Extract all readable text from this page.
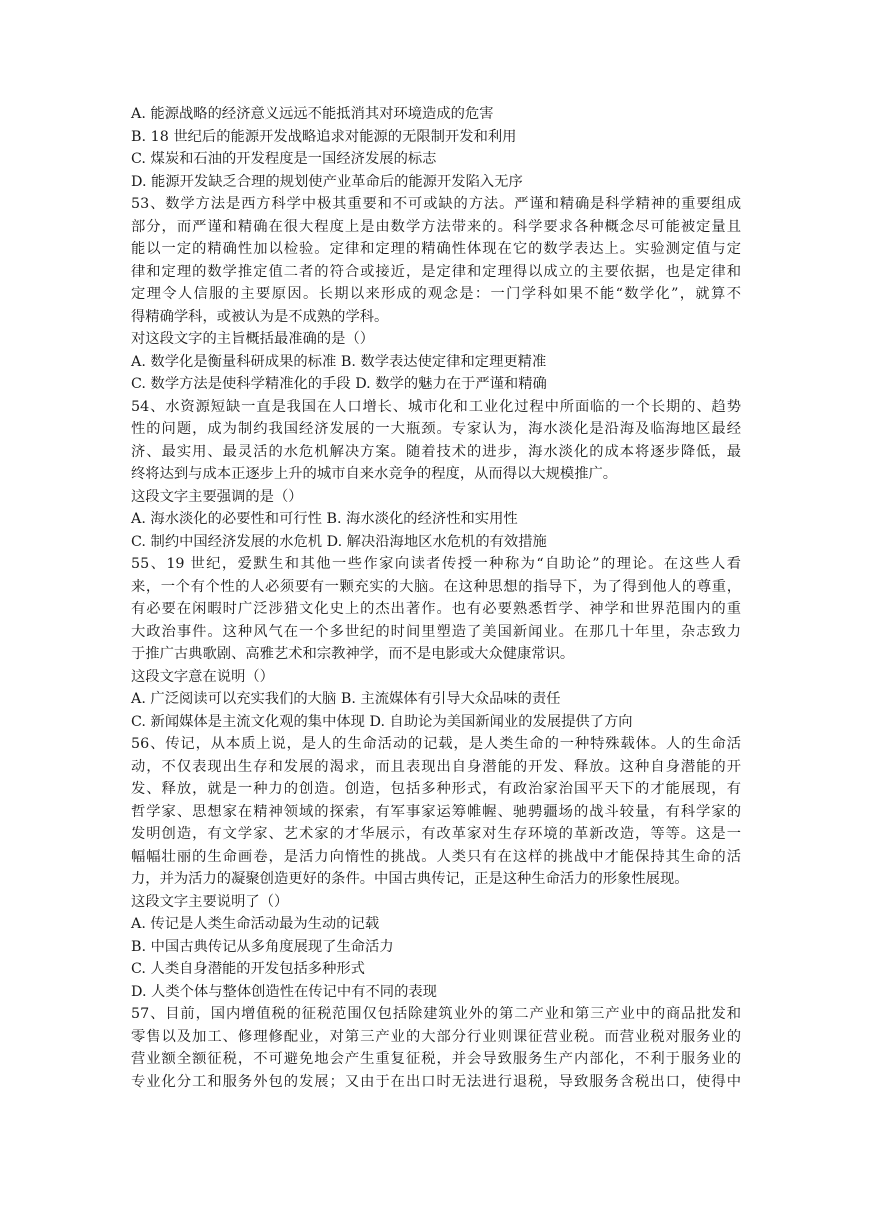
A. 能源战略的经济意义远远不能抵消其对环境造成的危害
B. 18 世纪后的能源开发战略追求对能源的无限制开发和利用
C. 煤炭和石油的开发程度是一国经济发展的标志
D. 能源开发缺乏合理的规划使产业革命后的能源开发陷入无序
53、数学方法是西方科学中极其重要和不可或缺的方法。严谨和精确是科学精神的重要组成
部分，而严谨和精确在很大程度上是由数学方法带来的。科学要求各种概念尽可能被定量且
能以一定的精确性加以检验。定律和定理的精确性体现在它的数学表达上。实验测定值与定
律和定理的数学推定值二者的符合或接近，是定律和定理得以成立的主要依据，也是定律和
定理令人信服的主要原因。长期以来形成的观念是：一门学科如果不能“数学化”，就算不
得精确学科，或被认为是不成熟的学科。
对这段文字的主旨概括最准确的是（）
A. 数学化是衡量科研成果的标准 B. 数学表达使定律和定理更精准
C. 数学方法是使科学精准化的手段 D. 数学的魅力在于严谨和精确
54、水资源短缺一直是我国在人口增长、城市化和工业化过程中所面临的一个长期的、趋势
性的问题，成为制约我国经济发展的一大瓶颈。专家认为，海水淡化是沿海及临海地区最经
济、最实用、最灵活的水危机解决方案。随着技术的进步，海水淡化的成本将逐步降低，最
终将达到与成本正逐步上升的城市自来水竞争的程度，从而得以大规模推广。
这段文字主要强调的是（）
A. 海水淡化的必要性和可行性 B. 海水淡化的经济性和实用性
C. 制约中国经济发展的水危机 D. 解决沿海地区水危机的有效措施
55、19 世纪，爱默生和其他一些作家向读者传授一种称为“自助论”的理论。在这些人看
来，一个有个性的人必须要有一颗充实的大脑。在这种思想的指导下，为了得到他人的尊重，
有必要在闲暇时广泛涉猎文化史上的杰出著作。也有必要熟悉哲学、神学和世界范围内的重
大政治事件。这种风气在一个多世纪的时间里塑造了美国新闻业。在那几十年里，杂志致力
于推广古典歌剧、高雅艺术和宗教神学，而不是电影或大众健康常识。
这段文字意在说明（）
A. 广泛阅读可以充实我们的大脑 B. 主流媒体有引导大众品味的责任
C. 新闻媒体是主流文化观的集中体现 D. 自助论为美国新闻业的发展提供了方向
56、传记，从本质上说，是人的生命活动的记载，是人类生命的一种特殊载体。人的生命活
动，不仅表现出生存和发展的渴求，而且表现出自身潜能的开发、释放。这种自身潜能的开
发、释放，就是一种力的创造。创造，包括多种形式，有政治家治国平天下的才能展现，有
哲学家、思想家在精神领域的探索，有军事家运筹帷幄、驰骋疆场的战斗较量，有科学家的
发明创造，有文学家、艺术家的才华展示，有改革家对生存环境的革新改造，等等。这是一
幅幅壮丽的生命画卷，是活力向惰性的挑战。人类只有在这样的挑战中才能保持其生命的活
力，并为活力的凝聚创造更好的条件。中国古典传记，正是这种生命活力的形象性展现。
这段文字主要说明了（）
A. 传记是人类生命活动最为生动的记载
B. 中国古典传记从多角度展现了生命活力
C. 人类自身潜能的开发包括多种形式
D. 人类个体与整体创造性在传记中有不同的表现
57、目前，国内增值税的征税范围仅包括除建筑业外的第二产业和第三产业中的商品批发和
零售以及加工、修理修配业，对第三产业的大部分行业则课征营业税。而营业税对服务业的
营业额全额征税，不可避免地会产生重复征税，并会导致服务生产内部化，不利于服务业的
专业化分工和服务外包的发展；又由于在出口时无法进行退税，导致服务含税出口，使得中
